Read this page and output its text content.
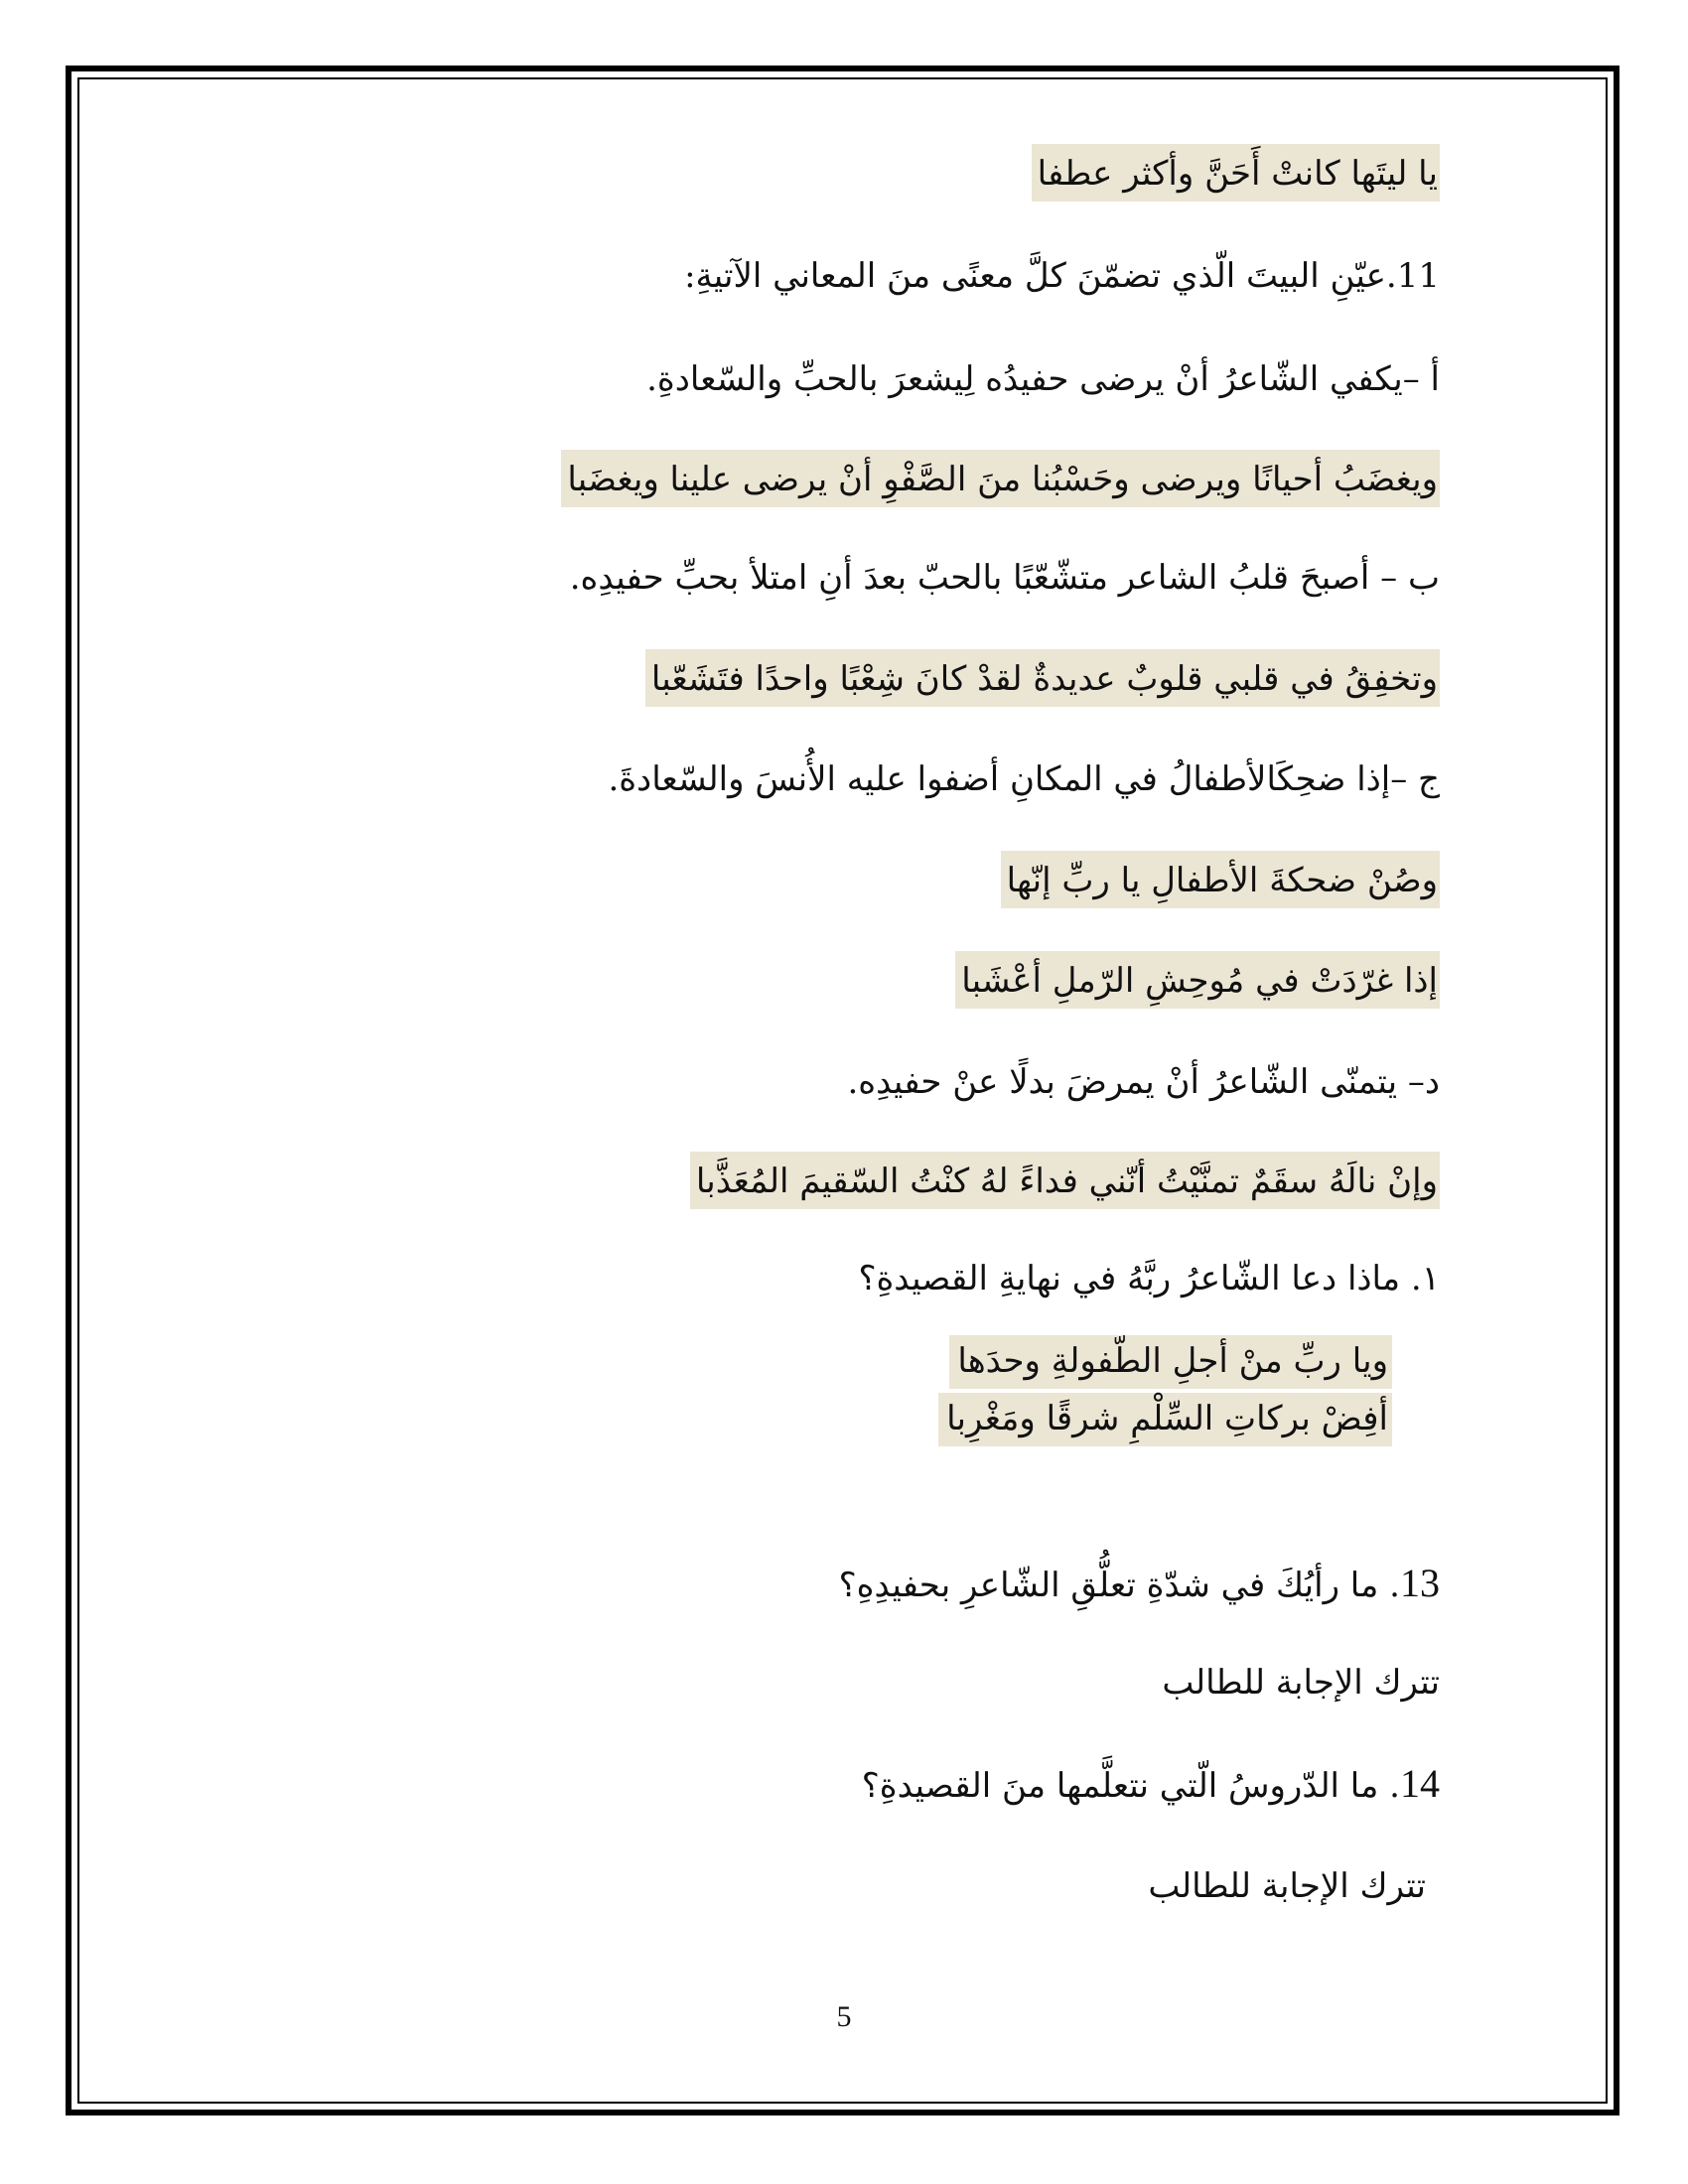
يا ليتَها كانتْ أَحَنَّ وأكثر عطفا
11.عيّنِ البيتَ الّذي تضمّنَ كلَّ معنًى منَ المعاني الآتيةِ:
أ –يكفي الشّاعرُ أنْ يرضى حفيدُه لِيشعرَ بالحبِّ والسّعادةِ.
ويغضَبُ أحيانًا ويرضى وحَسْبُنا منَ الصَّفْوِ أنْ يرضى علينا ويغضَبا
ب – أصبحَ قلبُ الشاعر متشّعّبًا بالحبّ بعدَ أنِ امتلأ بحبِّ حفيدِه.
وتخفِقُ في قلبي قلوبٌ عديدةٌ لقدْ كانَ شِعْبًا واحدًا فتَشَعّبا
ج –إذا ضحِكَالأطفالُ في المكانِ أضفوا عليه الأُنسَ والسّعادةَ.
وصُنْ ضحكةَ الأطفالِ يا ربِّ إنّها
إذا غرّدَتْ في مُوحِشِ الرّملِ أعْشَبا
د– يتمنّى الشّاعرُ أنْ يمرضَ بدلًا عنْ حفيدِه.
وإنْ نالَهُ سقَمٌ تمنَّيْتُ أنّني فداءً لهُ كنْتُ السّقيمَ المُعَذَّبا
١. ماذا دعا الشّاعرُ ربَّهُ في نهايةِ القصيدةِ؟
ويا ربِّ منْ أجلِ الطّفولةِ وحدَها
أفِضْ بركاتِ السِّلْمِ شرقًا ومَغْرِبا
13. ما رأيُكَ في شدّةِ تعلُّقِ الشّاعرِ بحفيدِهِ؟
تترك الإجابة للطالب
14. ما الدّروسُ الّتي نتعلَّمها منَ القصيدةِ؟
تترك الإجابة للطالب
5
